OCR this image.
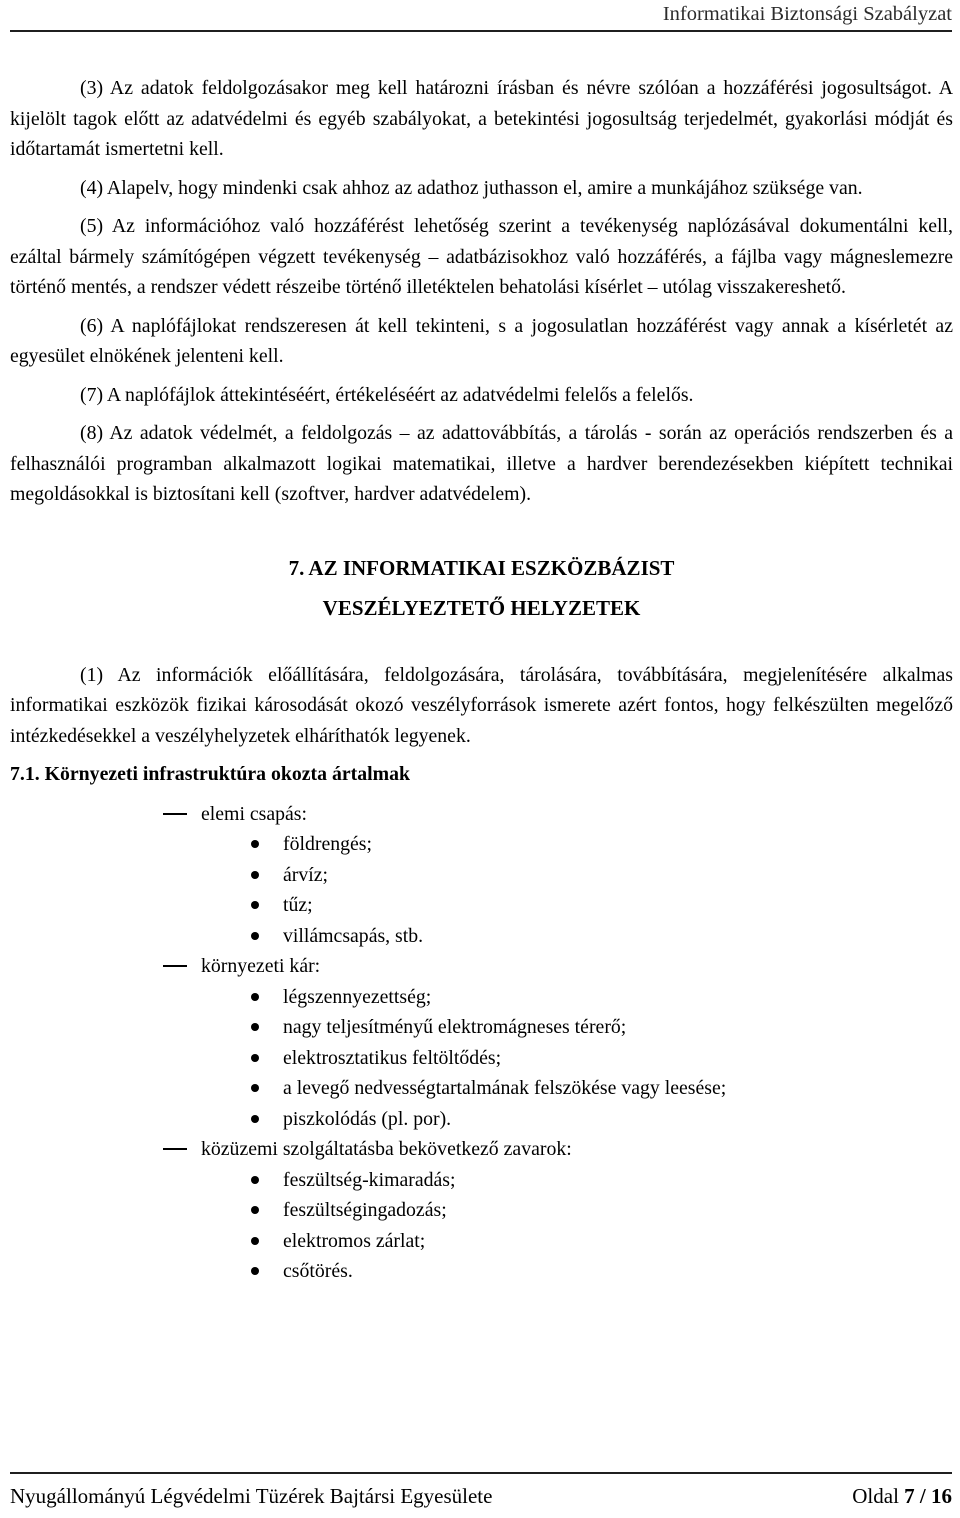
Informatikai Biztonsági Szabályzat

(3) Az adatok feldolgozásakor meg kell határozni írásban és névre szólóan a hozzáférési jogosultságot. A kijelölt tagok előtt az adatvédelmi és egyéb szabályokat, a betekintési jogosultság terjedelmét, gyakorlási módját és időtartamát ismertetni kell.

(4) Alapelv, hogy mindenki csak ahhoz az adathoz juthasson el, amire a munkájához szüksége van.

(5) Az információhoz való hozzáférést lehetőség szerint a tevékenység naplózásával dokumentálni kell, ezáltal bármely számítógépen végzett tevékenység – adatbázisokhoz való hozzáférés, a fájlba vagy mágneslemezre történő mentés, a rendszer védett részeibe történő illetéktelen behatolási kísérlet – utólag visszakereshető.

(6) A naplófájlokat rendszeresen át kell tekinteni, s a jogosulatlan hozzáférést vagy annak a kísérletét az egyesület elnökének jelenteni kell.

(7) A naplófájlok áttekintéséért, értékeléséért az adatvédelmi felelős a felelős.

(8) Az adatok védelmét, a feldolgozás – az adattovábbítás, a tárolás - során az operációs rendszerben és a felhasználói programban alkalmazott logikai matematikai, illetve a hardver berendezésekben kiépített technikai megoldásokkal is biztosítani kell (szoftver, hardver adatvédelem).

7. AZ INFORMATIKAI ESZKÖZBÁZIST
VESZÉLYEZTETŐ HELYZETEK

(1) Az információk előállítására, feldolgozására, tárolására, továbbítására, megjelenítésére alkalmas informatikai eszközök fizikai károsodását okozó veszélyforrások ismerete azért fontos, hogy felkészülten megelőző intézkedésekkel a veszélyhelyzetek elháríthatók legyenek.

7.1. Környezeti infrastruktúra okozta ártalmak
elemi csapás:
földrengés;
árvíz;
tűz;
villámcsapás, stb.
környezeti kár:
légszennyezettség;
nagy teljesítményű elektromágneses térerő;
elektrosztatikus feltöltődés;
a levegő nedvességtartalmának felszökése vagy leesése;
piszkolódás (pl. por).
közüzemi szolgáltatásba bekövetkező zavarok:
feszültség-kimaradás;
feszültségingadozás;
elektromos zárlat;
csőtörés.
Nyugállományú Légvédelmi Tüzérek Bajtársi Egyesülete	Oldal 7 / 16
